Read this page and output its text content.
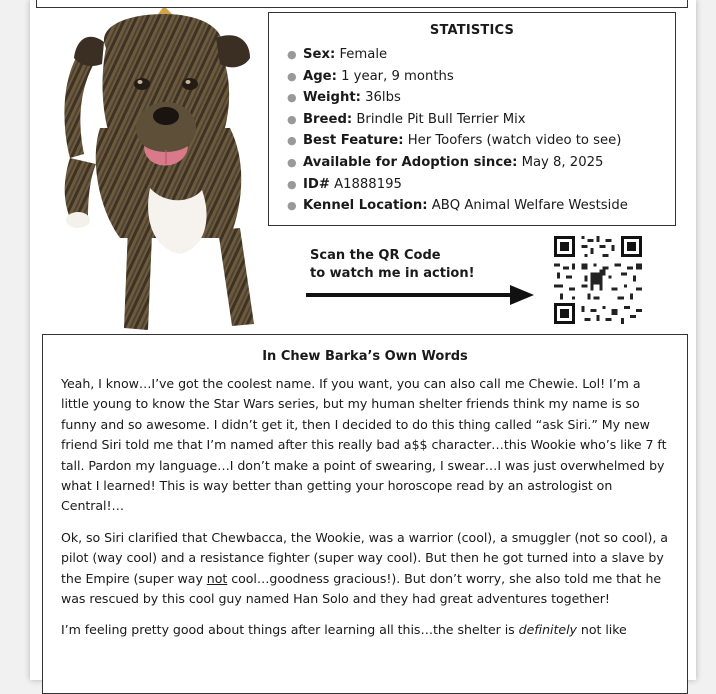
STATISTICS
● Sex: Female
● Age: 1 year, 9 months
● Weight: 36lbs
● Breed: Brindle Pit Bull Terrier Mix
● Best Feature: Her Toofers (watch video to see)
● Available for Adoption since: May 8, 2025
● ID# A1888195
● Kennel Location: ABQ Animal Welfare Westside
Scan the QR Code
to watch me in action!
In Chew Barka’s Own Words

Yeah, I know…I’ve got the coolest name. If you want, you can also call me Chewie. Lol! I’m a little young to know the Star Wars series, but my human shelter friends think my name is so funny and so awesome. I didn’t get it, then I decided to do this thing called “ask Siri.” My new friend Siri told me that I’m named after this really bad a$$ character…this Wookie who’s like 7 ft tall. Pardon my language…I don’t make a point of swearing, I swear…I was just overwhelmed by what I learned! This is way better than getting your horoscope read by an astrologist on Central!…

Ok, so Siri clarified that Chewbacca, the Wookie, was a warrior (cool), a smuggler (not so cool), a pilot (way cool) and a resistance fighter (super way cool). But then he got turned into a slave by the Empire (super way not cool…goodness gracious!). But don’t worry, she also told me that he was rescued by this cool guy named Han Solo and they had great adventures together!

I’m feeling pretty good about things after learning all this…the shelter is definitely not like
